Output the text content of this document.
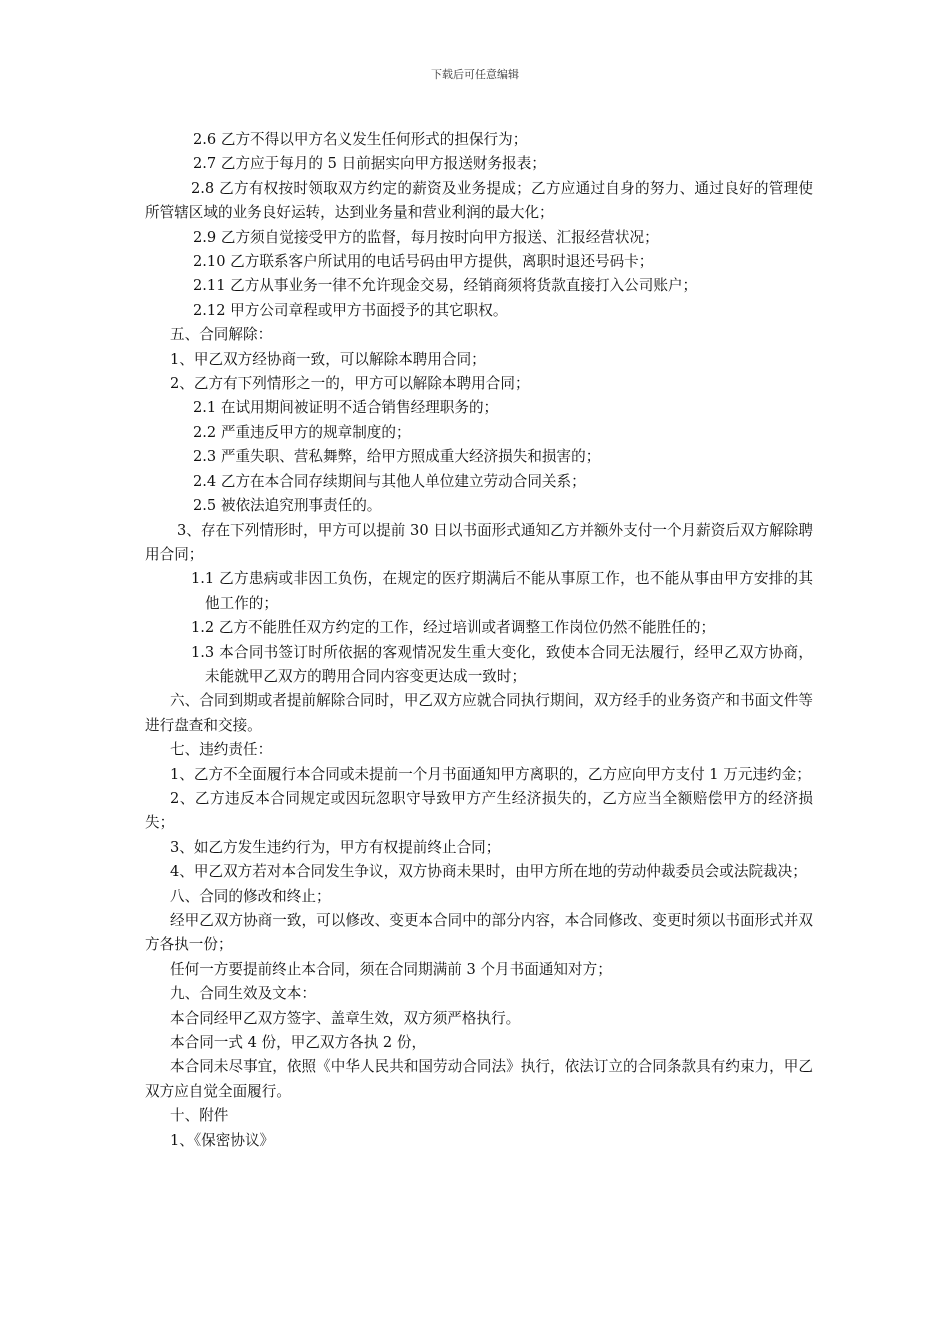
下载后可任意编辑

2.6 乙方不得以甲方名义发生任何形式的担保行为；

2.7 乙方应于每月的 5 日前据实向甲方报送财务报表；

2.8 乙方有权按时领取双方约定的薪资及业务提成；乙方应通过自身的努力、通过良好的管理使所管辖区域的业务良好运转，达到业务量和营业利润的最大化；

2.9 乙方须自觉接受甲方的监督，每月按时向甲方报送、汇报经营状况；

2.10 乙方联系客户所试用的电话号码由甲方提供，离职时退还号码卡；

2.11 乙方从事业务一律不允许现金交易，经销商须将货款直接打入公司账户；

2.12 甲方公司章程或甲方书面授予的其它职权。

五、合同解除：

1、甲乙双方经协商一致，可以解除本聘用合同；

2、乙方有下列情形之一的，甲方可以解除本聘用合同；

2.1 在试用期间被证明不适合销售经理职务的；

2.2 严重违反甲方的规章制度的；

2.3 严重失职、营私舞弊，给甲方照成重大经济损失和损害的；

2.4 乙方在本合同存续期间与其他人单位建立劳动合同关系；

2.5 被依法追究刑事责任的。

3、存在下列情形时，甲方可以提前 30 日以书面形式通知乙方并额外支付一个月薪资后双方解除聘用合同；

1.1 乙方患病或非因工负伤，在规定的医疗期满后不能从事原工作，也不能从事由甲方安排的其他工作的；

1.2 乙方不能胜任双方约定的工作，经过培训或者调整工作岗位仍然不能胜任的；

1.3 本合同书签订时所依据的客观情况发生重大变化，致使本合同无法履行，经甲乙双方协商，未能就甲乙双方的聘用合同内容变更达成一致时；

六、合同到期或者提前解除合同时，甲乙双方应就合同执行期间，双方经手的业务资产和书面文件等进行盘查和交接。

七、违约责任：

1、乙方不全面履行本合同或未提前一个月书面通知甲方离职的，乙方应向甲方支付 1 万元违约金；

2、乙方违反本合同规定或因玩忽职守导致甲方产生经济损失的，乙方应当全额赔偿甲方的经济损失；

3、如乙方发生违约行为，甲方有权提前终止合同；

4、甲乙双方若对本合同发生争议，双方协商未果时，由甲方所在地的劳动仲裁委员会或法院裁决；

八、合同的修改和终止；

经甲乙双方协商一致，可以修改、变更本合同中的部分内容，本合同修改、变更时须以书面形式并双方各执一份；

任何一方要提前终止本合同，须在合同期满前 3 个月书面通知对方；

九、合同生效及文本：

本合同经甲乙双方签字、盖章生效，双方须严格执行。

本合同一式 4 份，甲乙双方各执 2 份，

本合同未尽事宜，依照《中华人民共和国劳动合同法》执行，依法订立的合同条款具有约束力，甲乙双方应自觉全面履行。

十、附件

1、《保密协议》
